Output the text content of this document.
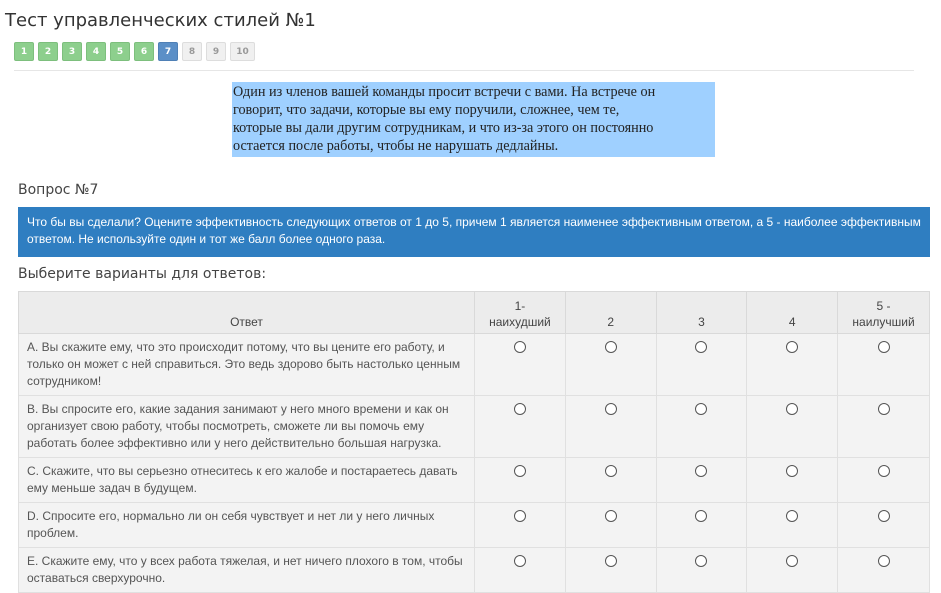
Тест управленческих стилей №1
1	2	3	4	5	6	7	8	9	10
Один из членов вашей команды просит встречи с вами. На встрече он
говорит, что задачи, которые вы ему поручили, сложнее, чем те,
которые вы дали другим сотрудникам, и что из-за этого он постоянно
остается после работы, чтобы не нарушать дедлайны.
Вопрос №7
Что бы вы сделали? Оцените эффективность следующих ответов от 1 до 5, причем 1 является наименее эффективным ответом, а 5 - наиболее эффективным
ответом. Не используйте один и тот же балл более одного раза.
Выберите варианты для ответов:
Ответ	1-
наихудший	2	3	4	5 -
наилучший

A. Вы скажите ему, что это происходит потому, что вы цените его работу, и
только он может с ней справиться. Это ведь здорово быть настолько ценным
сотрудником!					

B. Вы спросите его, какие задания занимают у него много времени и как он
организует свою работу, чтобы посмотреть, сможете ли вы помочь ему
работать более эффективно или у него действительно большая нагрузка.					

C. Скажите, что вы серьезно отнеситесь к его жалобе и постараетесь давать
ему меньше задач в будущем.					

D. Спросите его, нормально ли он себя чувствует и нет ли у него личных
проблем.					

E. Скажите ему, что у всех работа тяжелая, и нет ничего плохого в том, чтобы
оставаться сверхурочно.					
